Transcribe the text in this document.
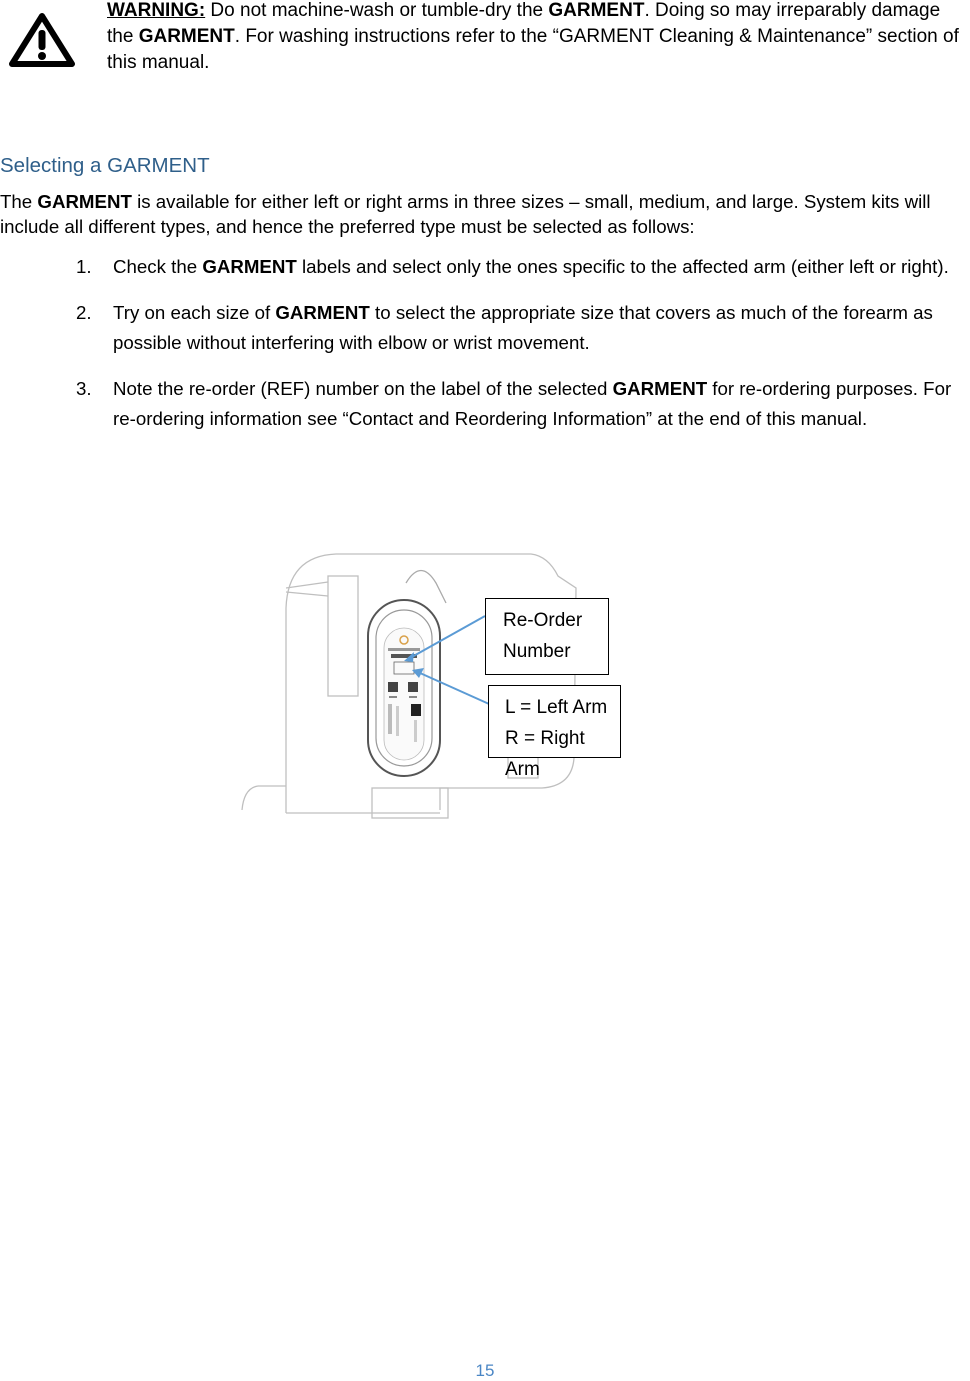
WARNING: Do not machine-wash or tumble-dry the GARMENT. Doing so may irreparably damage the GARMENT. For washing instructions refer to the “GARMENT Cleaning & Maintenance” section of this manual.
Selecting a GARMENT
The GARMENT is available for either left or right arms in three sizes – small, medium, and large. System kits will include all different types, and hence the preferred type must be selected as follows:
1. Check the GARMENT labels and select only the ones specific to the affected arm (either left or right).
2. Try on each size of GARMENT to select the appropriate size that covers as much of the forearm as possible without interfering with elbow or wrist movement.
3. Note the re-order (REF) number on the label of the selected GARMENT for re-ordering purposes. For re-ordering information see “Contact and Reordering Information” at the end of this manual.
Re-Order
Number
L = Left Arm
R = Right Arm
15
